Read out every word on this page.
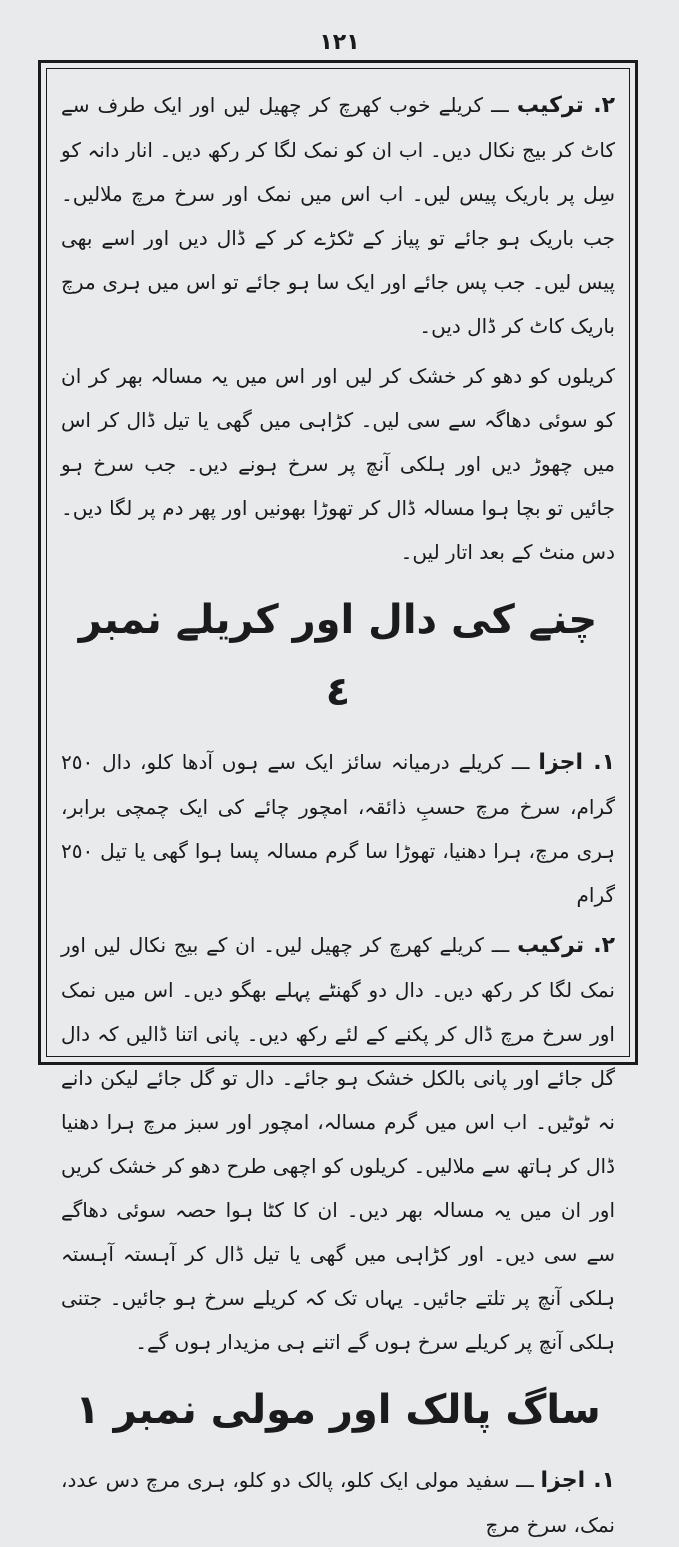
١٢١

٢. ترکیب ـــ کریلے خوب کھرچ کر چھیل لیں اور ایک طرف سے کاٹ کر بیج نکال دیں۔ اب ان کو نمک لگا کر رکھ دیں۔ انار دانہ کو سِل پر باریک پیس لیں۔ اب اس میں نمک اور سرخ مرچ ملالیں۔ جب باریک ہو جائے تو پیاز کے ٹکڑے کر کے ڈال دیں اور اسے بھی پیس لیں۔ جب پس جائے اور ایک سا ہو جائے تو اس میں ہری مرچ باریک کاٹ کر ڈال دیں۔

کریلوں کو دھو کر خشک کر لیں اور اس میں یہ مسالہ بھر کر ان کو سوئی دھاگہ سے سی لیں۔ کڑاہی میں گھی یا تیل ڈال کر اس میں چھوڑ دیں اور ہلکی آنچ پر سرخ ہونے دیں۔ جب سرخ ہو جائیں تو بچا ہوا مسالہ ڈال کر تھوڑا بھونیں اور پھر دم پر لگا دیں۔ دس منٹ کے بعد اتار لیں۔

چنے کی دال اور کریلے نمبر ٤

١. اجزا ـــ کریلے درمیانہ سائز ایک سے ہوں آدھا کلو، دال ٢٥٠ گرام، سرخ مرچ حسبِ ذائقہ، امچور چائے کی ایک چمچی برابر، ہری مرچ، ہرا دھنیا، تھوڑا سا گرم مسالہ پسا ہوا گھی یا تیل ٢٥٠ گرام

٢. ترکیب ـــ کریلے کھرچ کر چھیل لیں۔ ان کے بیج نکال لیں اور نمک لگا کر رکھ دیں۔ دال دو گھنٹے پہلے بھگو دیں۔ اس میں نمک اور سرخ مرچ ڈال کر پکنے کے لئے رکھ دیں۔ پانی اتنا ڈالیں کہ دال گل جائے اور پانی بالکل خشک ہو جائے۔ دال تو گل جائے لیکن دانے نہ ٹوٹیں۔ اب اس میں گرم مسالہ، امچور اور سبز مرچ ہرا دھنیا ڈال کر ہاتھ سے ملالیں۔ کریلوں کو اچھی طرح دھو کر خشک کریں اور ان میں یہ مسالہ بھر دیں۔ ان کا کٹا ہوا حصہ سوئی دھاگے سے سی دیں۔ اور کڑاہی میں گھی یا تیل ڈال کر آہستہ آہستہ ہلکی آنچ پر تلتے جائیں۔ یہاں تک کہ کریلے سرخ ہو جائیں۔ جتنی ہلکی آنچ پر کریلے سرخ ہوں گے اتنے ہی مزیدار ہوں گے۔

ساگ پالک اور مولی نمبر ١

١. اجزا ـــ سفید مولی ایک کلو، پالک دو کلو، ہری مرچ دس عدد، نمک، سرخ مرچ
